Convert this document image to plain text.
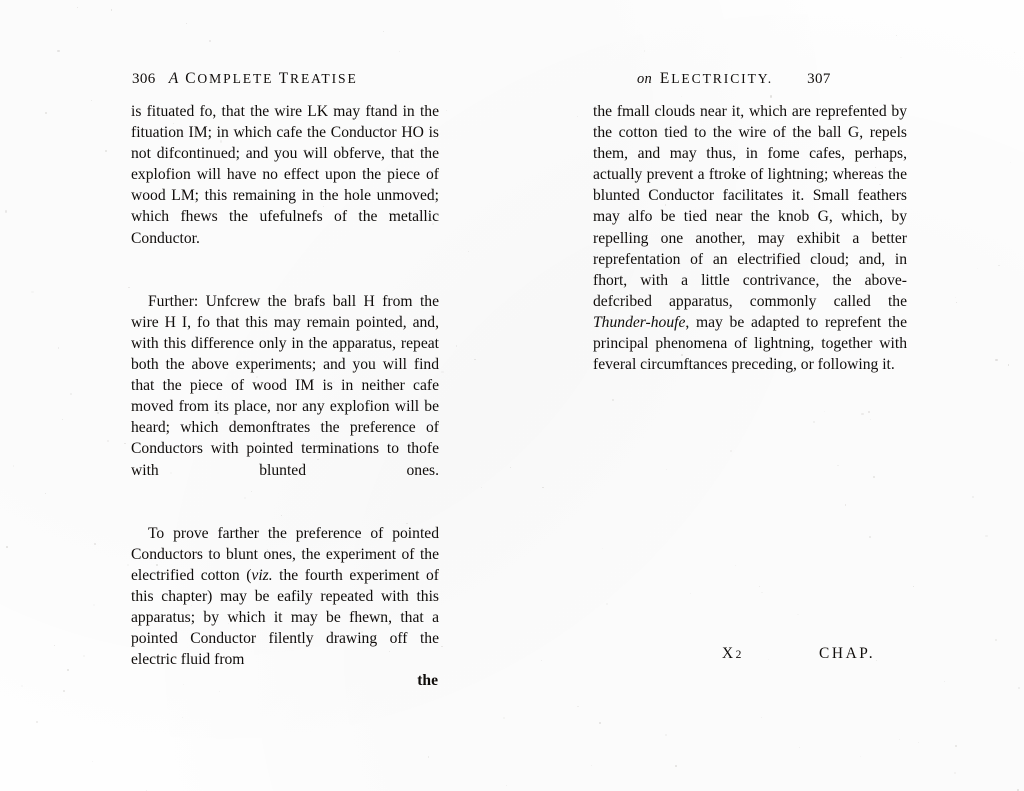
306 A COMPLETE TREATISE

is fituated fo, that the wire LK may ftand in the fituation IM; in which cafe the Conductor HO is not difcontinued; and you will obferve, that the explofion will have no effect upon the piece of wood LM; this remaining in the hole unmoved; which fhews the ufefulnefs of the metallic Conductor.

Further: Unfcrew the brafs ball H from the wire H I, fo that this may remain pointed, and, with this difference only in the apparatus, repeat both the above experiments; and you will find that the piece of wood IM is in neither cafe moved from its place, nor any explofion will be heard; which demonftrates the preference of Conductors with pointed terminations to thofe with blunted ones.

To prove farther the preference of pointed Conductors to blunt ones, the experiment of the electrified cotton (viz. the fourth experiment of this chapter) may be eafily repeated with this apparatus; by which it may be fhewn, that a pointed Conductor filently drawing off the electric fluid from

the

on ELECTRICITY. 307

the fmall clouds near it, which are reprefented by the cotton tied to the wire of the ball G, repels them, and may thus, in fome cafes, perhaps, actually prevent a ftroke of lightning; whereas the blunted Conductor facilitates it. Small feathers may alfo be tied near the knob G, which, by repelling one another, may exhibit a better reprefentation of an electrified cloud; and, in fhort, with a little contrivance, the above-defcribed apparatus, commonly called the Thunder-houfe, may be adapted to reprefent the principal phenomena of lightning, together with feveral circumftances preceding, or following it.

X 2	CHAP.
